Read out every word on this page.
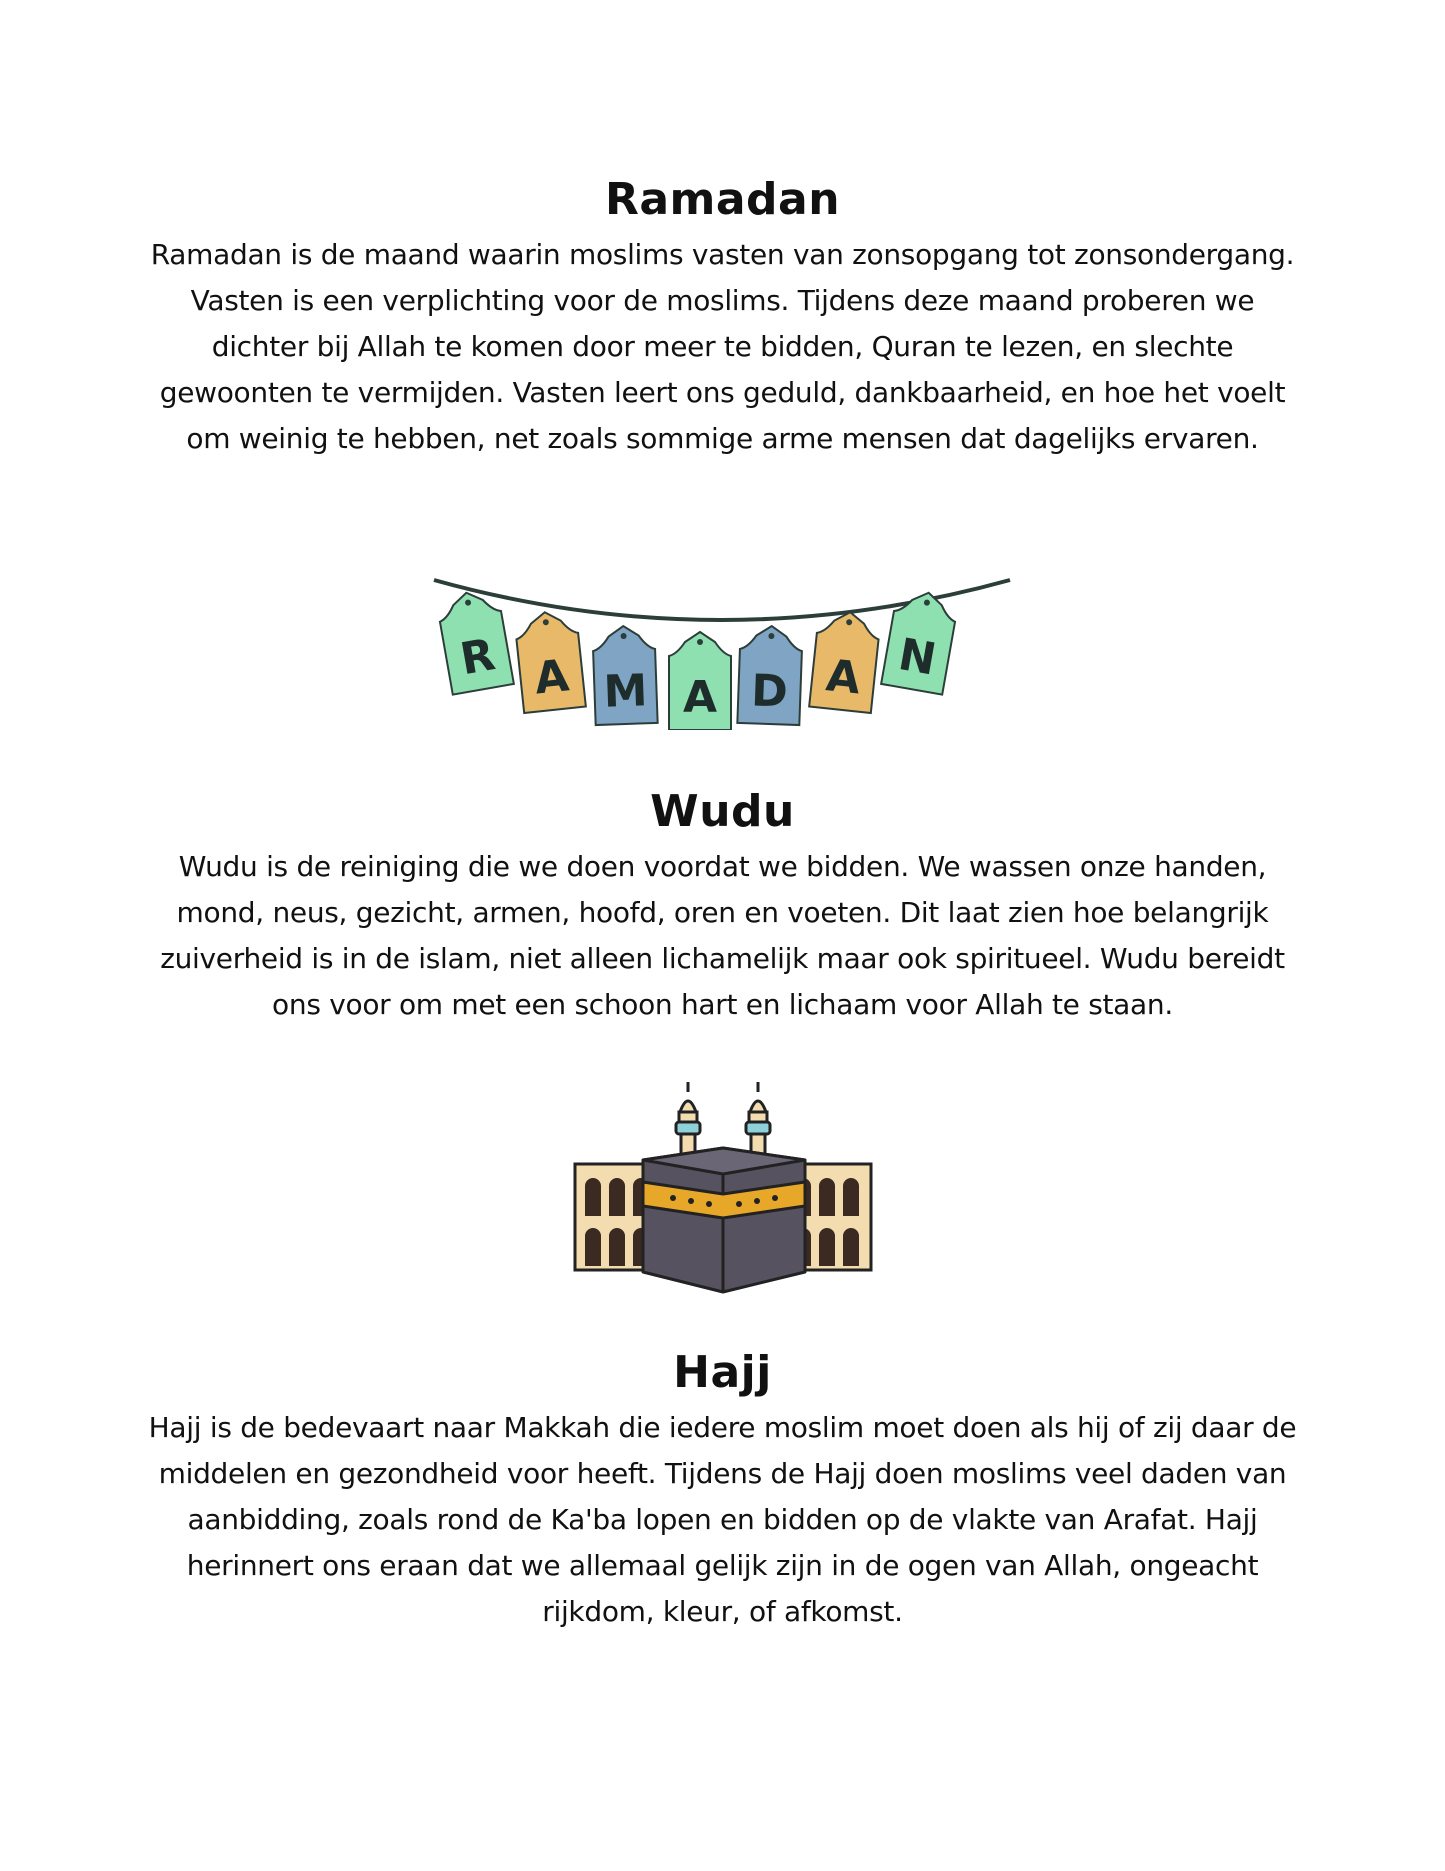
Ramadan

Ramadan is de maand waarin moslims vasten van zonsopgang tot zonsondergang. Vasten is een verplichting voor de moslims. Tijdens deze maand proberen we dichter bij Allah te komen door meer te bidden, Quran te lezen, en slechte gewoonten te vermijden. Vasten leert ons geduld, dankbaarheid, en hoe het voelt om weinig te hebben, net zoals sommige arme mensen dat dagelijks ervaren.

R A M A D A N
Wudu

Wudu is de reiniging die we doen voordat we bidden. We wassen onze handen, mond, neus, gezicht, armen, hoofd, oren en voeten. Dit laat zien hoe belangrijk zuiverheid is in de islam, niet alleen lichamelijk maar ook spiritueel. Wudu bereidt ons voor om met een schoon hart en lichaam voor Allah te staan.

Hajj

Hajj is de bedevaart naar Makkah die iedere moslim moet doen als hij of zij daar de middelen en gezondheid voor heeft. Tijdens de Hajj doen moslims veel daden van aanbidding, zoals rond de Ka'ba lopen en bidden op de vlakte van Arafat. Hajj herinnert ons eraan dat we allemaal gelijk zijn in de ogen van Allah, ongeacht rijkdom, kleur, of afkomst.
